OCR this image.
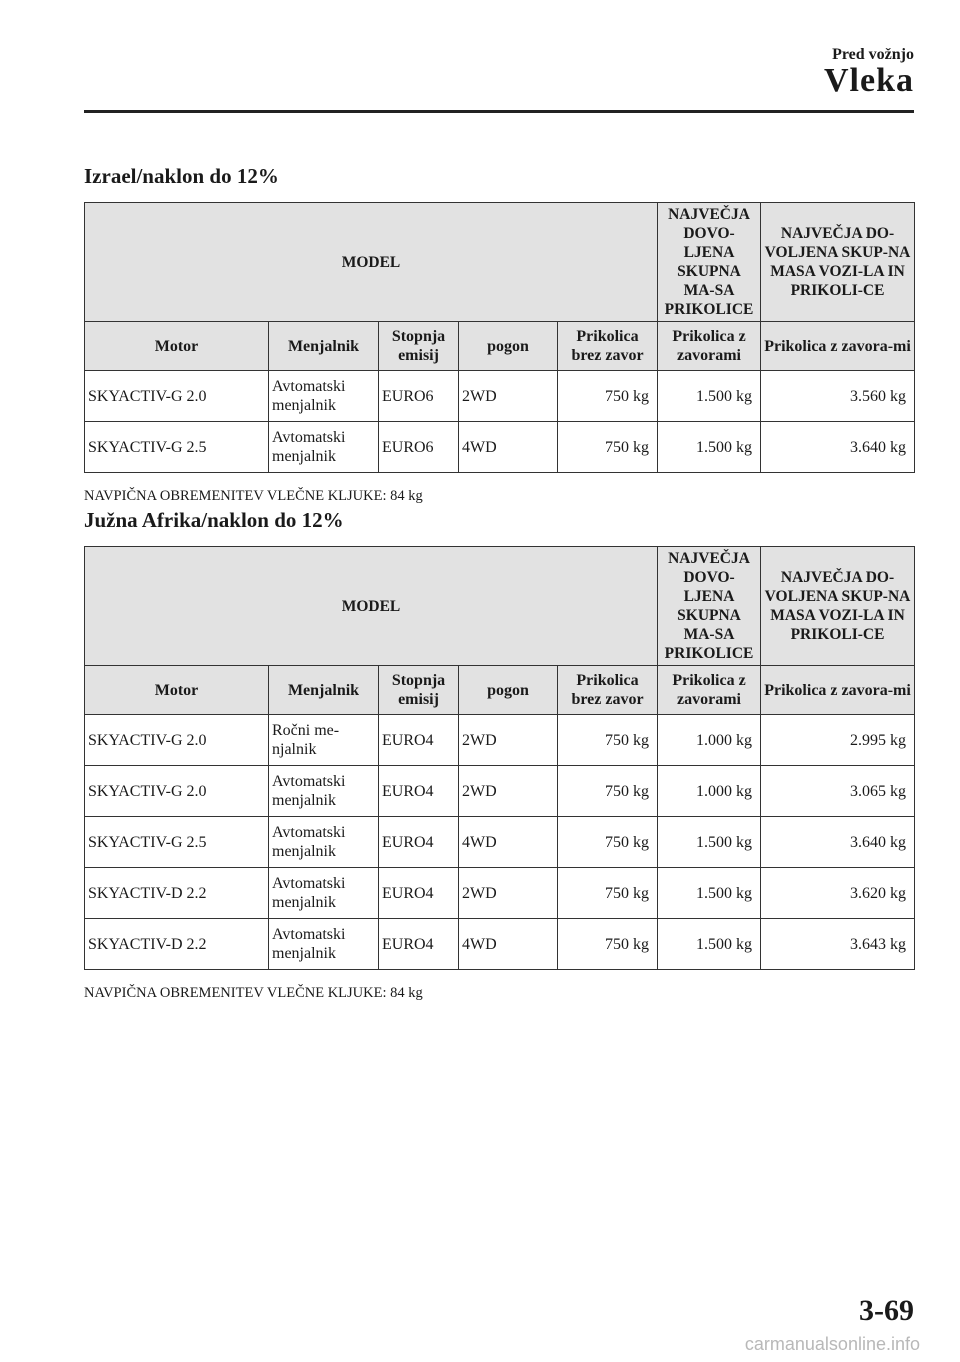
Pred vožnjo
Vleka
Izrael/naklon do 12%
MODEL					NAJVEČJA DOVO-LJENA SKUPNA MA-SA PRIKOLICE	NAJVEČJA DO-VOLJENA SKUP-NA MASA VOZI-LA IN PRIKOLI-CE
Motor	Menjalnik	Stopnja emisij	pogon	Prikolica brez zavor	Prikolica z zavorami	Prikolica z zavora-mi
SKYACTIV-G 2.0	Avtomatski menjalnik	EURO6	2WD	750 kg	1.500 kg	3.560 kg
SKYACTIV-G 2.5	Avtomatski menjalnik	EURO6	4WD	750 kg	1.500 kg	3.640 kg
NAVPIČNA OBREMENITEV VLEČNE KLJUKE: 84 kg
Južna Afrika/naklon do 12%
MODEL					NAJVEČJA DOVO-LJENA SKUPNA MA-SA PRIKOLICE	NAJVEČJA DO-VOLJENA SKUP-NA MASA VOZI-LA IN PRIKOLI-CE
Motor	Menjalnik	Stopnja emisij	pogon	Prikolica brez zavor	Prikolica z zavorami	Prikolica z zavora-mi
SKYACTIV-G 2.0	Ročni me-njalnik	EURO4	2WD	750 kg	1.000 kg	2.995 kg
SKYACTIV-G 2.0	Avtomatski menjalnik	EURO4	2WD	750 kg	1.000 kg	3.065 kg
SKYACTIV-G 2.5	Avtomatski menjalnik	EURO4	4WD	750 kg	1.500 kg	3.640 kg
SKYACTIV-D 2.2	Avtomatski menjalnik	EURO4	2WD	750 kg	1.500 kg	3.620 kg
SKYACTIV-D 2.2	Avtomatski menjalnik	EURO4	4WD	750 kg	1.500 kg	3.643 kg
NAVPIČNA OBREMENITEV VLEČNE KLJUKE: 84 kg
3-69
carmanualsonline.info
